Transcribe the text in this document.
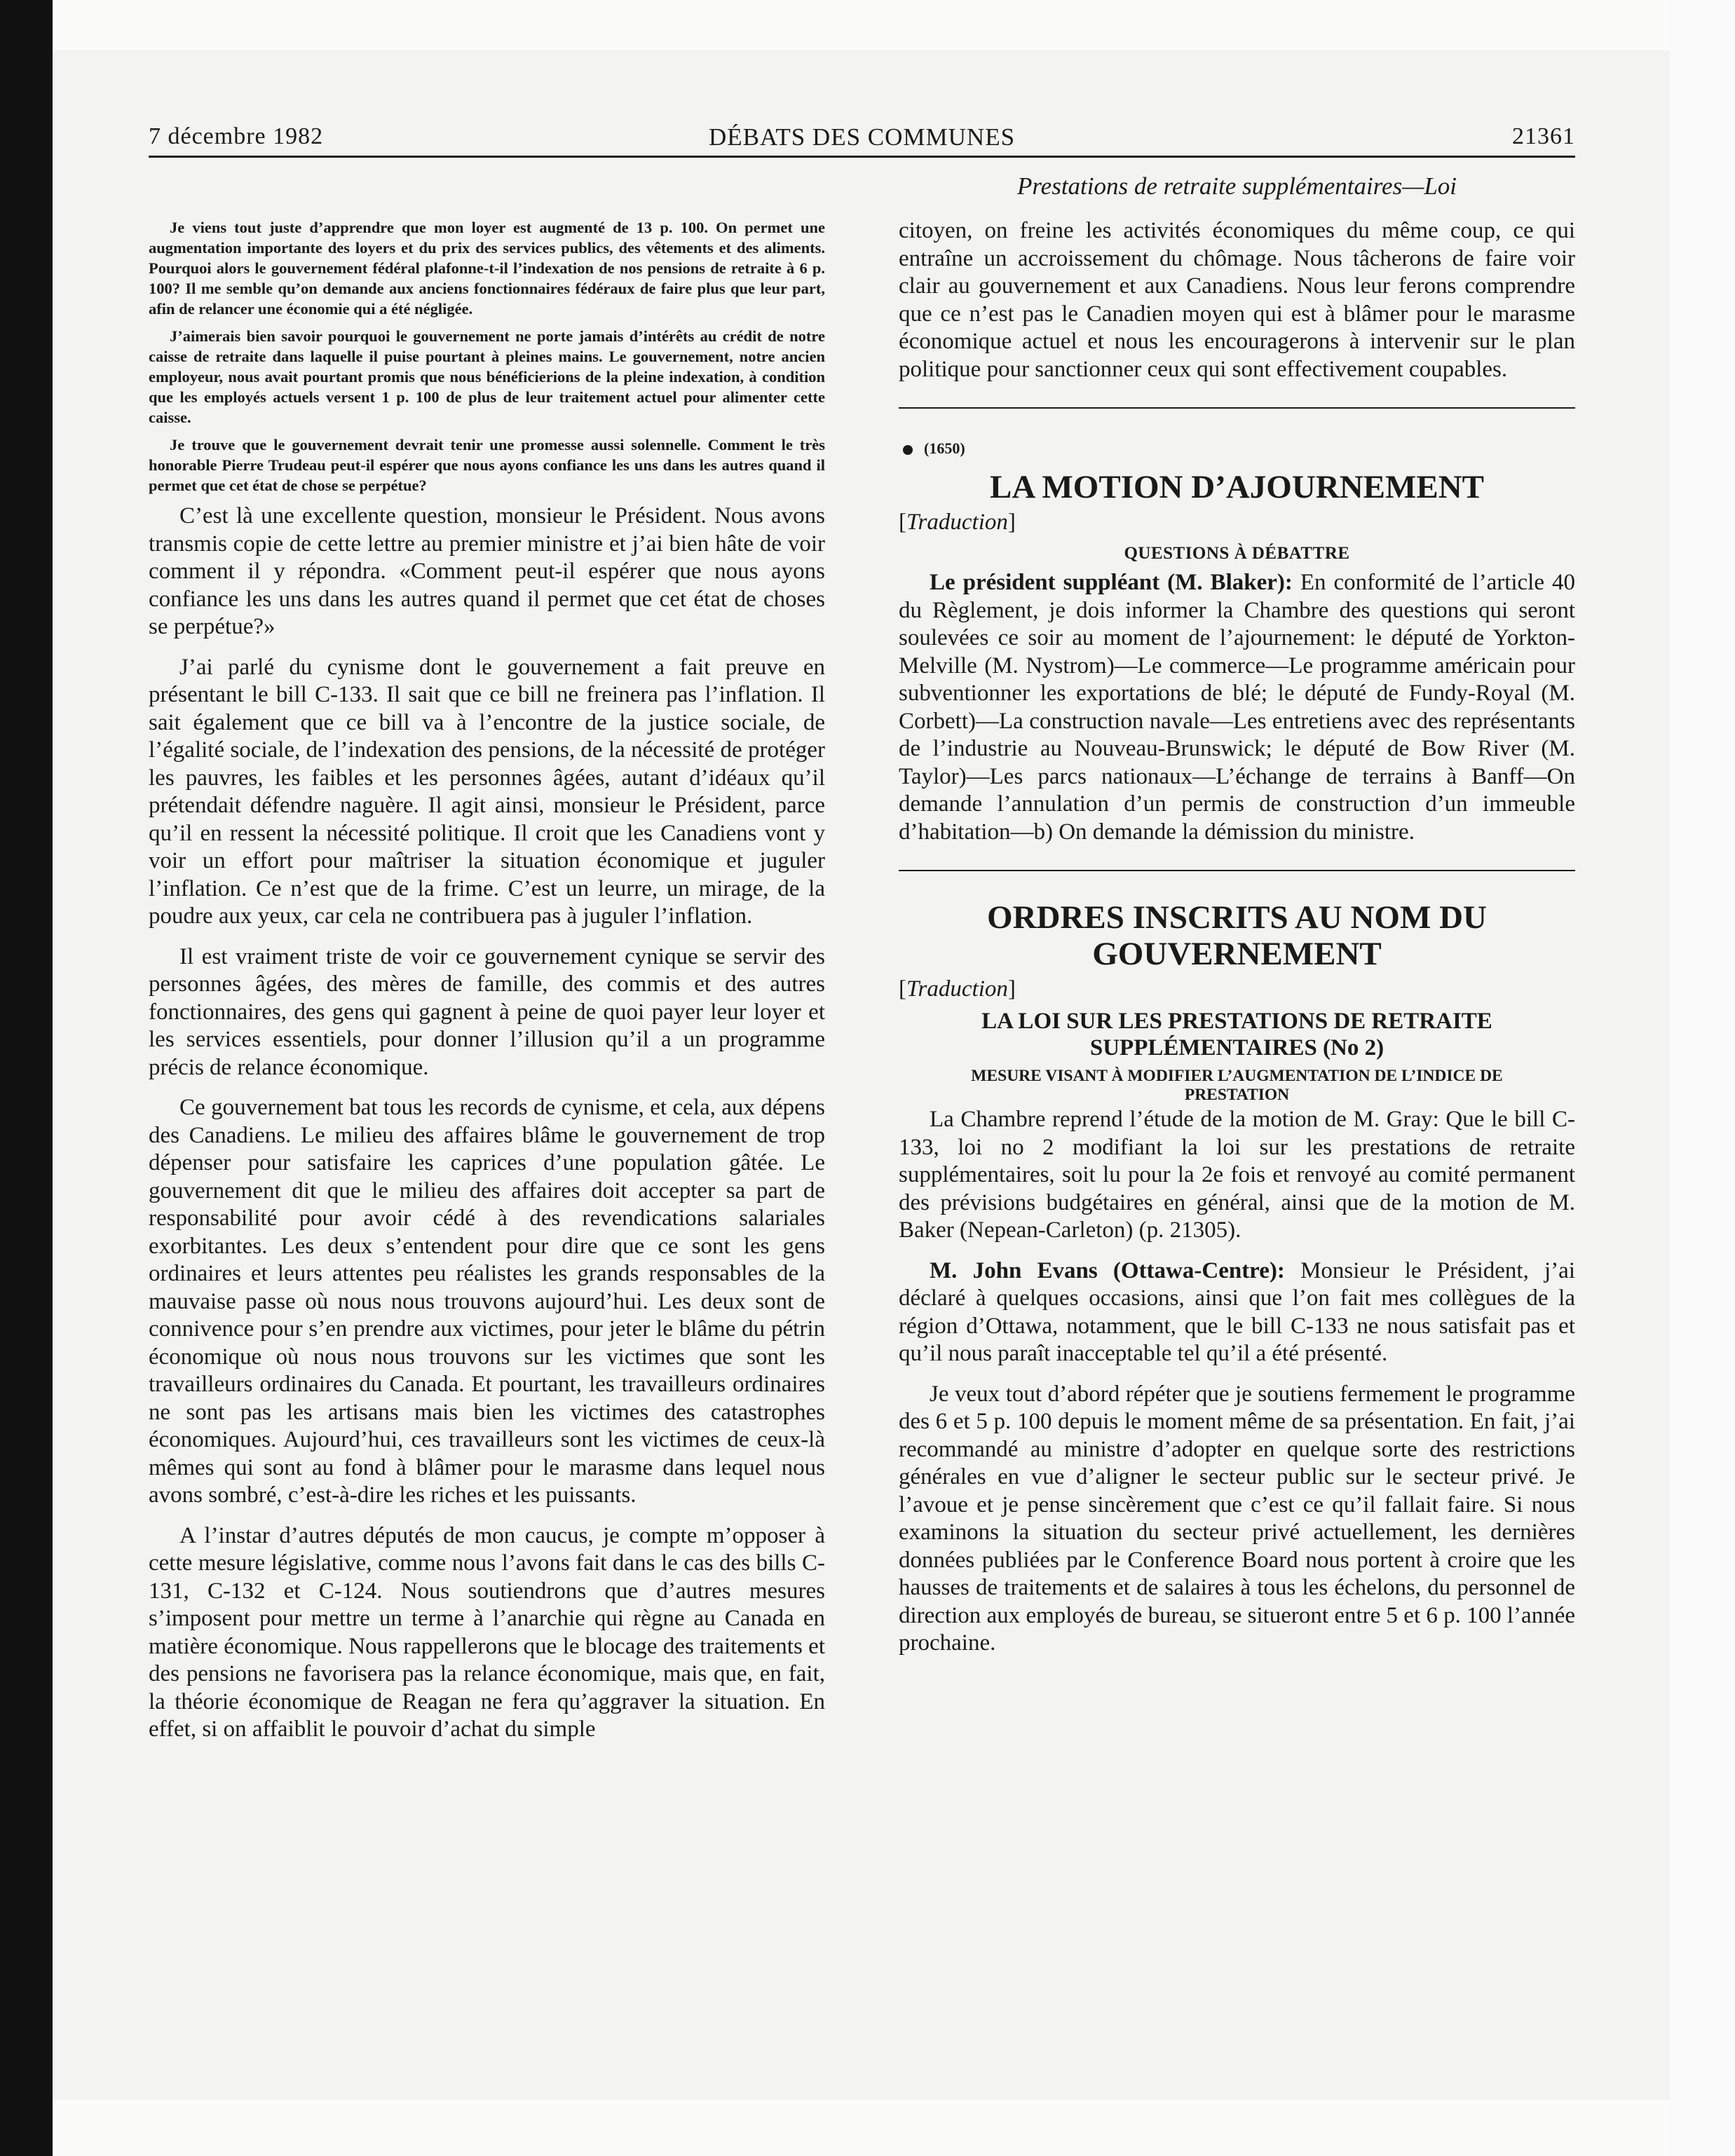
7 décembre 1982	DÉBATS DES COMMUNES	21361
Prestations de retraite supplémentaires—Loi

Je viens tout juste d’apprendre que mon loyer est augmenté de 13 p. 100. On permet une augmentation importante des loyers et du prix des services publics, des vêtements et des aliments. Pourquoi alors le gouvernement fédéral plafonne-t-il l’indexation de nos pensions de retraite à 6 p. 100? Il me semble qu’on demande aux anciens fonctionnaires fédéraux de faire plus que leur part, afin de relancer une économie qui a été négligée.

J’aimerais bien savoir pourquoi le gouvernement ne porte jamais d’intérêts au crédit de notre caisse de retraite dans laquelle il puise pourtant à pleines mains. Le gouvernement, notre ancien employeur, nous avait pourtant promis que nous bénéficierions de la pleine indexation, à condition que les employés actuels versent 1 p. 100 de plus de leur traitement actuel pour alimenter cette caisse.

Je trouve que le gouvernement devrait tenir une promesse aussi solennelle. Comment le très honorable Pierre Trudeau peut-il espérer que nous ayons confiance les uns dans les autres quand il permet que cet état de chose se perpétue?

C’est là une excellente question, monsieur le Président. Nous avons transmis copie de cette lettre au premier ministre et j’ai bien hâte de voir comment il y répondra. «Comment peut-il espérer que nous ayons confiance les uns dans les autres quand il permet que cet état de choses se perpétue?»

J’ai parlé du cynisme dont le gouvernement a fait preuve en présentant le bill C-133. Il sait que ce bill ne freinera pas l’inflation. Il sait également que ce bill va à l’encontre de la justice sociale, de l’égalité sociale, de l’indexation des pensions, de la nécessité de protéger les pauvres, les faibles et les personnes âgées, autant d’idéaux qu’il prétendait défendre naguère. Il agit ainsi, monsieur le Président, parce qu’il en ressent la nécessité politique. Il croit que les Canadiens vont y voir un effort pour maîtriser la situation économique et juguler l’inflation. Ce n’est que de la frime. C’est un leurre, un mirage, de la poudre aux yeux, car cela ne contribuera pas à juguler l’inflation.

Il est vraiment triste de voir ce gouvernement cynique se servir des personnes âgées, des mères de famille, des commis et des autres fonctionnaires, des gens qui gagnent à peine de quoi payer leur loyer et les services essentiels, pour donner l’illusion qu’il a un programme précis de relance économique.

Ce gouvernement bat tous les records de cynisme, et cela, aux dépens des Canadiens. Le milieu des affaires blâme le gouvernement de trop dépenser pour satisfaire les caprices d’une population gâtée. Le gouvernement dit que le milieu des affaires doit accepter sa part de responsabilité pour avoir cédé à des revendications salariales exorbitantes. Les deux s’entendent pour dire que ce sont les gens ordinaires et leurs attentes peu réalistes les grands responsables de la mauvaise passe où nous nous trouvons aujourd’hui. Les deux sont de connivence pour s’en prendre aux victimes, pour jeter le blâme du pétrin économique où nous nous trouvons sur les victimes que sont les travailleurs ordinaires du Canada. Et pourtant, les travailleurs ordinaires ne sont pas les artisans mais bien les victimes des catastrophes économiques. Aujourd’hui, ces travailleurs sont les victimes de ceux-là mêmes qui sont au fond à blâmer pour le marasme dans lequel nous avons sombré, c’est-à-dire les riches et les puissants.

A l’instar d’autres députés de mon caucus, je compte m’opposer à cette mesure législative, comme nous l’avons fait dans le cas des bills C-131, C-132 et C-124. Nous soutiendrons que d’autres mesures s’imposent pour mettre un terme à l’anarchie qui règne au Canada en matière économique. Nous rappellerons que le blocage des traitements et des pensions ne favorisera pas la relance économique, mais que, en fait, la théorie économique de Reagan ne fera qu’aggraver la situation. En effet, si on affaiblit le pouvoir d’achat du simple

citoyen, on freine les activités économiques du même coup, ce qui entraîne un accroissement du chômage. Nous tâcherons de faire voir clair au gouvernement et aux Canadiens. Nous leur ferons comprendre que ce n’est pas le Canadien moyen qui est à blâmer pour le marasme économique actuel et nous les encouragerons à intervenir sur le plan politique pour sanctionner ceux qui sont effectivement coupables.

(1650)
LA MOTION D’AJOURNEMENT
[Traduction]
QUESTIONS À DÉBATTRE

Le président suppléant (M. Blaker): En conformité de l’article 40 du Règlement, je dois informer la Chambre des questions qui seront soulevées ce soir au moment de l’ajournement: le député de Yorkton-Melville (M. Nystrom)—Le commerce—Le programme américain pour subventionner les exportations de blé; le député de Fundy-Royal (M. Corbett)—La construction navale—Les entretiens avec des représentants de l’industrie au Nouveau-Brunswick; le député de Bow River (M. Taylor)—Les parcs nationaux—L’échange de terrains à Banff—On demande l’annulation d’un permis de construction d’un immeuble d’habitation—b) On demande la démission du ministre.

ORDRES INSCRITS AU NOM DU
GOUVERNEMENT
[Traduction]
LA LOI SUR LES PRESTATIONS DE RETRAITE
SUPPLÉMENTAIRES (No 2)
MESURE VISANT À MODIFIER L’AUGMENTATION DE L’INDICE DE
PRESTATION

La Chambre reprend l’étude de la motion de M. Gray: Que le bill C-133, loi no 2 modifiant la loi sur les prestations de retraite supplémentaires, soit lu pour la 2e fois et renvoyé au comité permanent des prévisions budgétaires en général, ainsi que de la motion de M. Baker (Nepean-Carleton) (p. 21305).

M. John Evans (Ottawa-Centre): Monsieur le Président, j’ai déclaré à quelques occasions, ainsi que l’on fait mes collègues de la région d’Ottawa, notamment, que le bill C-133 ne nous satisfait pas et qu’il nous paraît inacceptable tel qu’il a été présenté.

Je veux tout d’abord répéter que je soutiens fermement le programme des 6 et 5 p. 100 depuis le moment même de sa présentation. En fait, j’ai recommandé au ministre d’adopter en quelque sorte des restrictions générales en vue d’aligner le secteur public sur le secteur privé. Je l’avoue et je pense sincèrement que c’est ce qu’il fallait faire. Si nous examinons la situation du secteur privé actuellement, les dernières données publiées par le Conference Board nous portent à croire que les hausses de traitements et de salaires à tous les échelons, du personnel de direction aux employés de bureau, se situeront entre 5 et 6 p. 100 l’année prochaine.
